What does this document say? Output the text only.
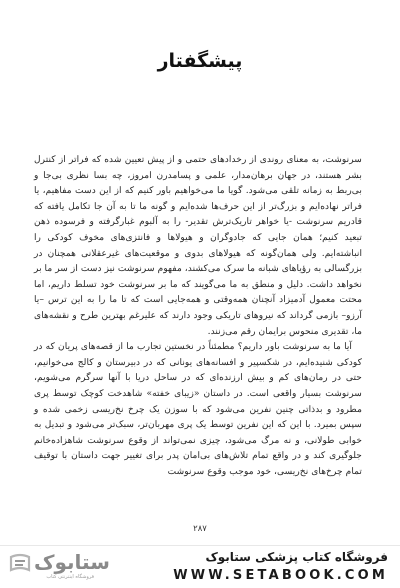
پیشگفتار

سرنوشت، به معنای روندی از رخدادهای حتمی و از پیش تعیین شده که فراتر از کنترل بشر هستند، در جهان برهان‌مدار، علمی و پسامدرن امروز، چه بسا نظری بی‌جا و بی‌ربط به زمانه تلقی می‌شود. گویا ما می‌خواهیم باور کنیم که از این دست مفاهیم، یا فراتر نهاده‌ایم و بزرگ‌تر از این حرف‌ها شده‌ایم و گونه ما تا به آن جا تکامل یافته که قادریم سرنوشت -یا خواهر تاریک‌ترش تقدیر- را به آلبوم غبارگرفته و فرسوده ذهن تبعید کنیم؛ همان جایی که جادوگران و هیولاها و فانتزی‌های مخوف کودکی را انباشته‌ایم. ولی همان‌گونه که هیولاهای بدوی و موقعیت‌های غیرعقلانی همچنان در بزرگسالی به رؤیاهای شبانه ما سرک می‌کشند، مفهوم سرنوشت نیز دست از سر ما بر نخواهد داشت. دلیل و منطق به ما می‌گویند که ما بر سرنوشت خود تسلط داریم، اما محتت معمول آدمیزاد آنچنان همه‌وقتی و همه‌جایی است که تا ما را به این ترس –یا آرزو– بازمی گرداند که نیروهای تاریکی وجود دارند که علیرغم بهترین طرح و نقشه‌های ما، تقدیری منحوس برایمان رقم می‌زنند.

آیا ما به سرنوشت باور داریم؟ مطمئناً در نخستین تجارب ما از قصه‌های پریان که در کودکی شنیده‌ایم، در شکسپیر و افسانه‌های یونانی که در دبیرستان و کالج می‌خوانیم، حتی در رمان‌های کم و بیش ارزنده‌ای که در ساحل دریا با آنها سرگرم می‌شویم، سرنوشت بسیار واقعی است. در داستان «زیبای خفته» شاهدخت کوچک توسط پری مطرود و بدذاتی چنین نفرین می‌شود که با سوزن یک چرخ نخ‌ریسی زخمی شده و سپس بمیرد. با این که این نفرین توسط یک پری مهربان‌تر، سبک‌تر می‌شود و تبدیل به خوابی طولانی، و نه مرگ می‌شود، چیزی نمی‌تواند از وقوع سرنوشت شاهزاده‌خانم جلوگیری کند و در واقع تمام تلاش‌های بی‌امان پدر برای تغییر جهت داستان با توقیف تمام چرخ‌های نخ‌ریسی، خود موجب وقوع سرنوشت

۲۸۷
ستابوک
فروشگاه اینترنتی کتاب
فروشگاه کتاب پزشکی ستابوک
WWW.SETABOOK.COM
